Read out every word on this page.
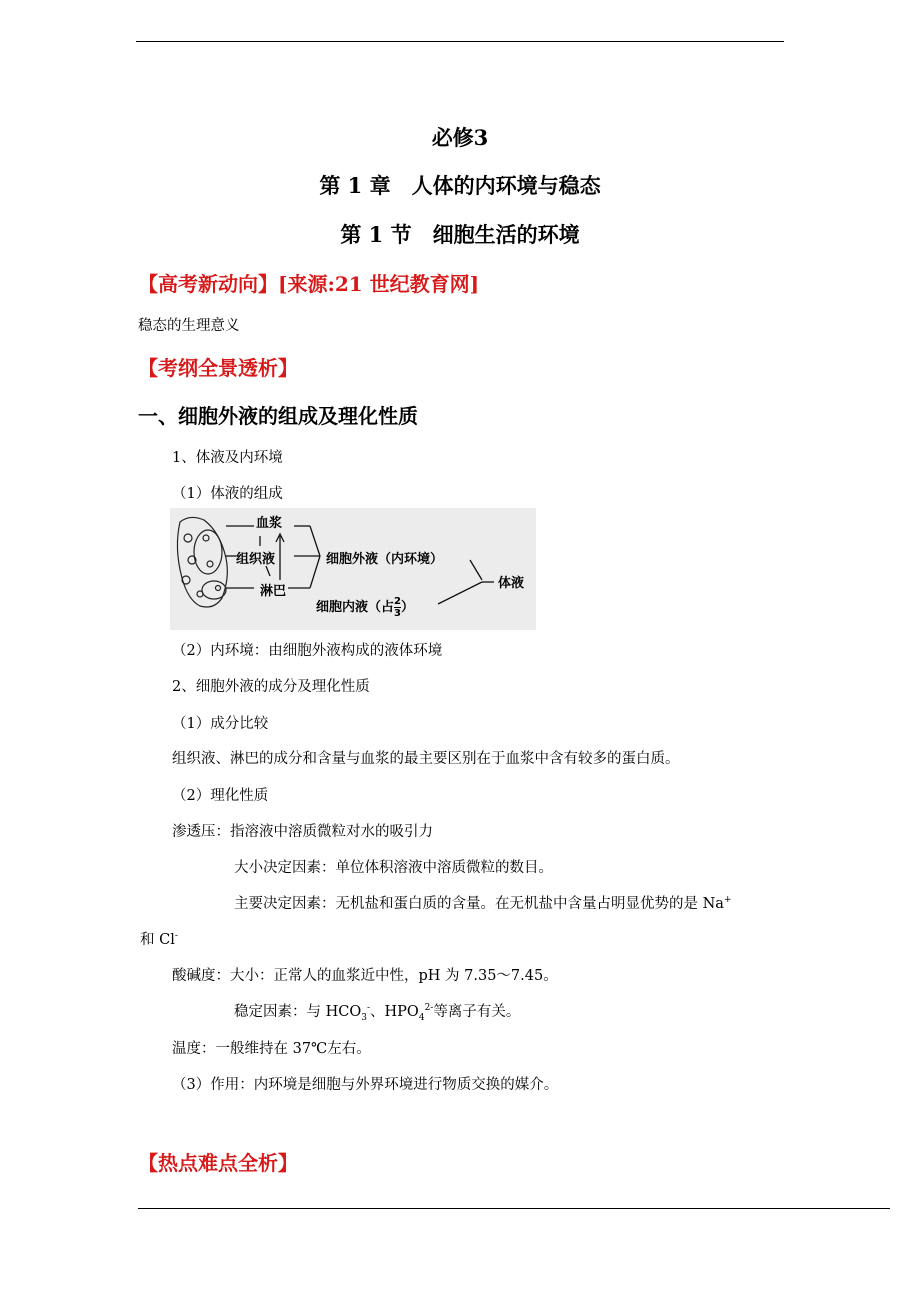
必修3
第 1 章　人体的内环境与稳态
第 1 节　细胞生活的环境
【高考新动向】[来源:21 世纪教育网]
稳态的生理意义
【考纲全景透析】
一、细胞外液的组成及理化性质
1、体液及内环境
（1）体液的组成
血浆
组织液
淋巴
细胞外液（内环境）
细胞内液（占 $\frac{2}{3}$ ）
体液
（2）内环境：由细胞外液构成的液体环境
2、细胞外液的成分及理化性质
（1）成分比较
组织液、淋巴的成分和含量与血浆的最主要区别在于血浆中含有较多的蛋白质。
（2）理化性质
渗透压：指溶液中溶质微粒对水的吸引力
大小决定因素：单位体积溶液中溶质微粒的数目。
主要决定因素：无机盐和蛋白质的含量。在无机盐中含量占明显优势的是 Na+
和 Cl-
酸碱度：大小：正常人的血浆近中性，pH 为 7.35～7.45。
稳定因素：与 $HCO_3^-$、$HPO_4^{2-}$等离子有关。
温度：一般维持在 37℃左右。
（3）作用：内环境是细胞与外界环境进行物质交换的媒介。
【热点难点全析】
